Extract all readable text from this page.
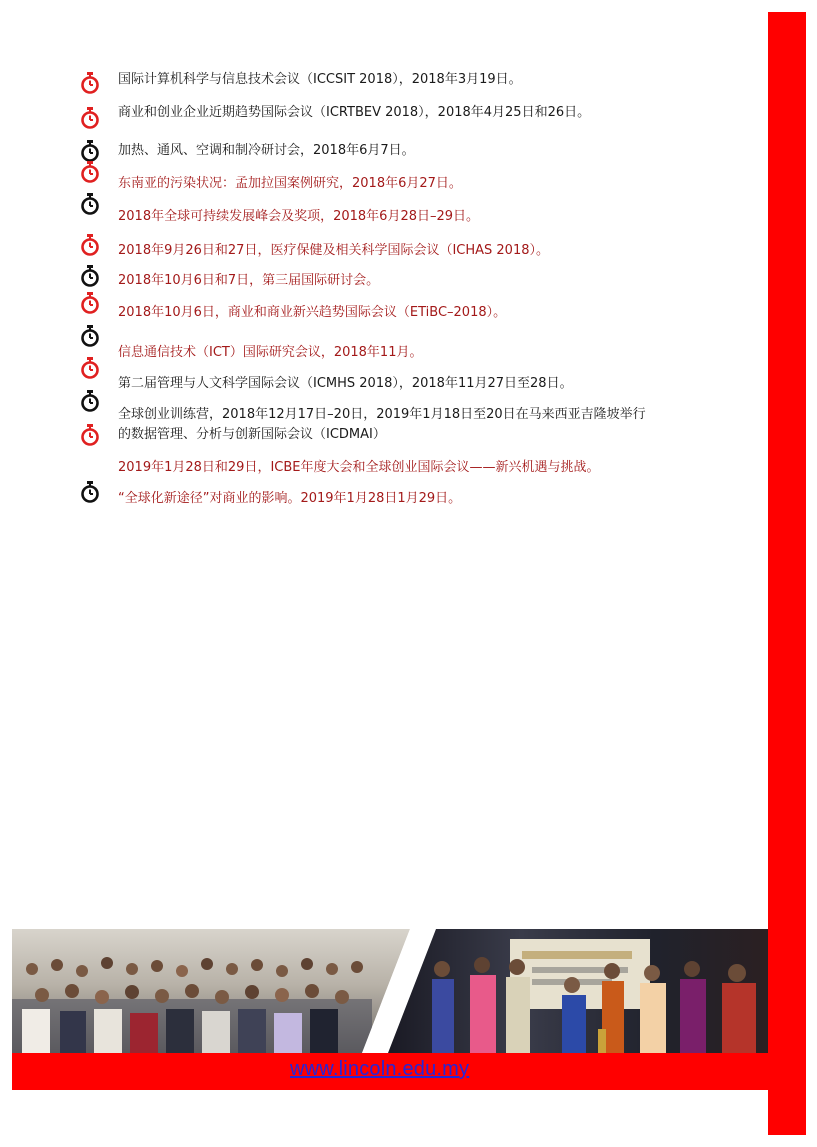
国际计算机科学与信息技术会议（ICCSIT 2018），2018年3月19日。

商业和创业企业近期趋势国际会议（ICRTBEV 2018），2018年4月25日和26日。

加热、通风、空调和制冷研讨会，2018年6月7日。

东南亚的污染状况：孟加拉国案例研究，2018年6月27日。

2018年全球可持续发展峰会及奖项，2018年6月28日–29日。

2018年9月26日和27日，医疗保健及相关科学国际会议（ICHAS 2018）。

2018年10月6日和7日，第三届国际研讨会。

2018年10月6日，商业和商业新兴趋势国际会议（ETiBC–2018）。

信息通信技术（ICT）国际研究会议，2018年11月。

第二届管理与人文科学国际会议（ICMHS 2018），2018年11月27日至28日。

全球创业训练营，2018年12月17日–20日，2019年1月18日至20日在马来西亚吉隆坡举行

的数据管理、分析与创新国际会议（ICDMAI）

2019年1月28日和29日，ICBE年度大会和全球创业国际会议——新兴机遇与挑战。

“全球化新途径”对商业的影响。2019年1月28日1月29日。

www.lincoln.edu.my
